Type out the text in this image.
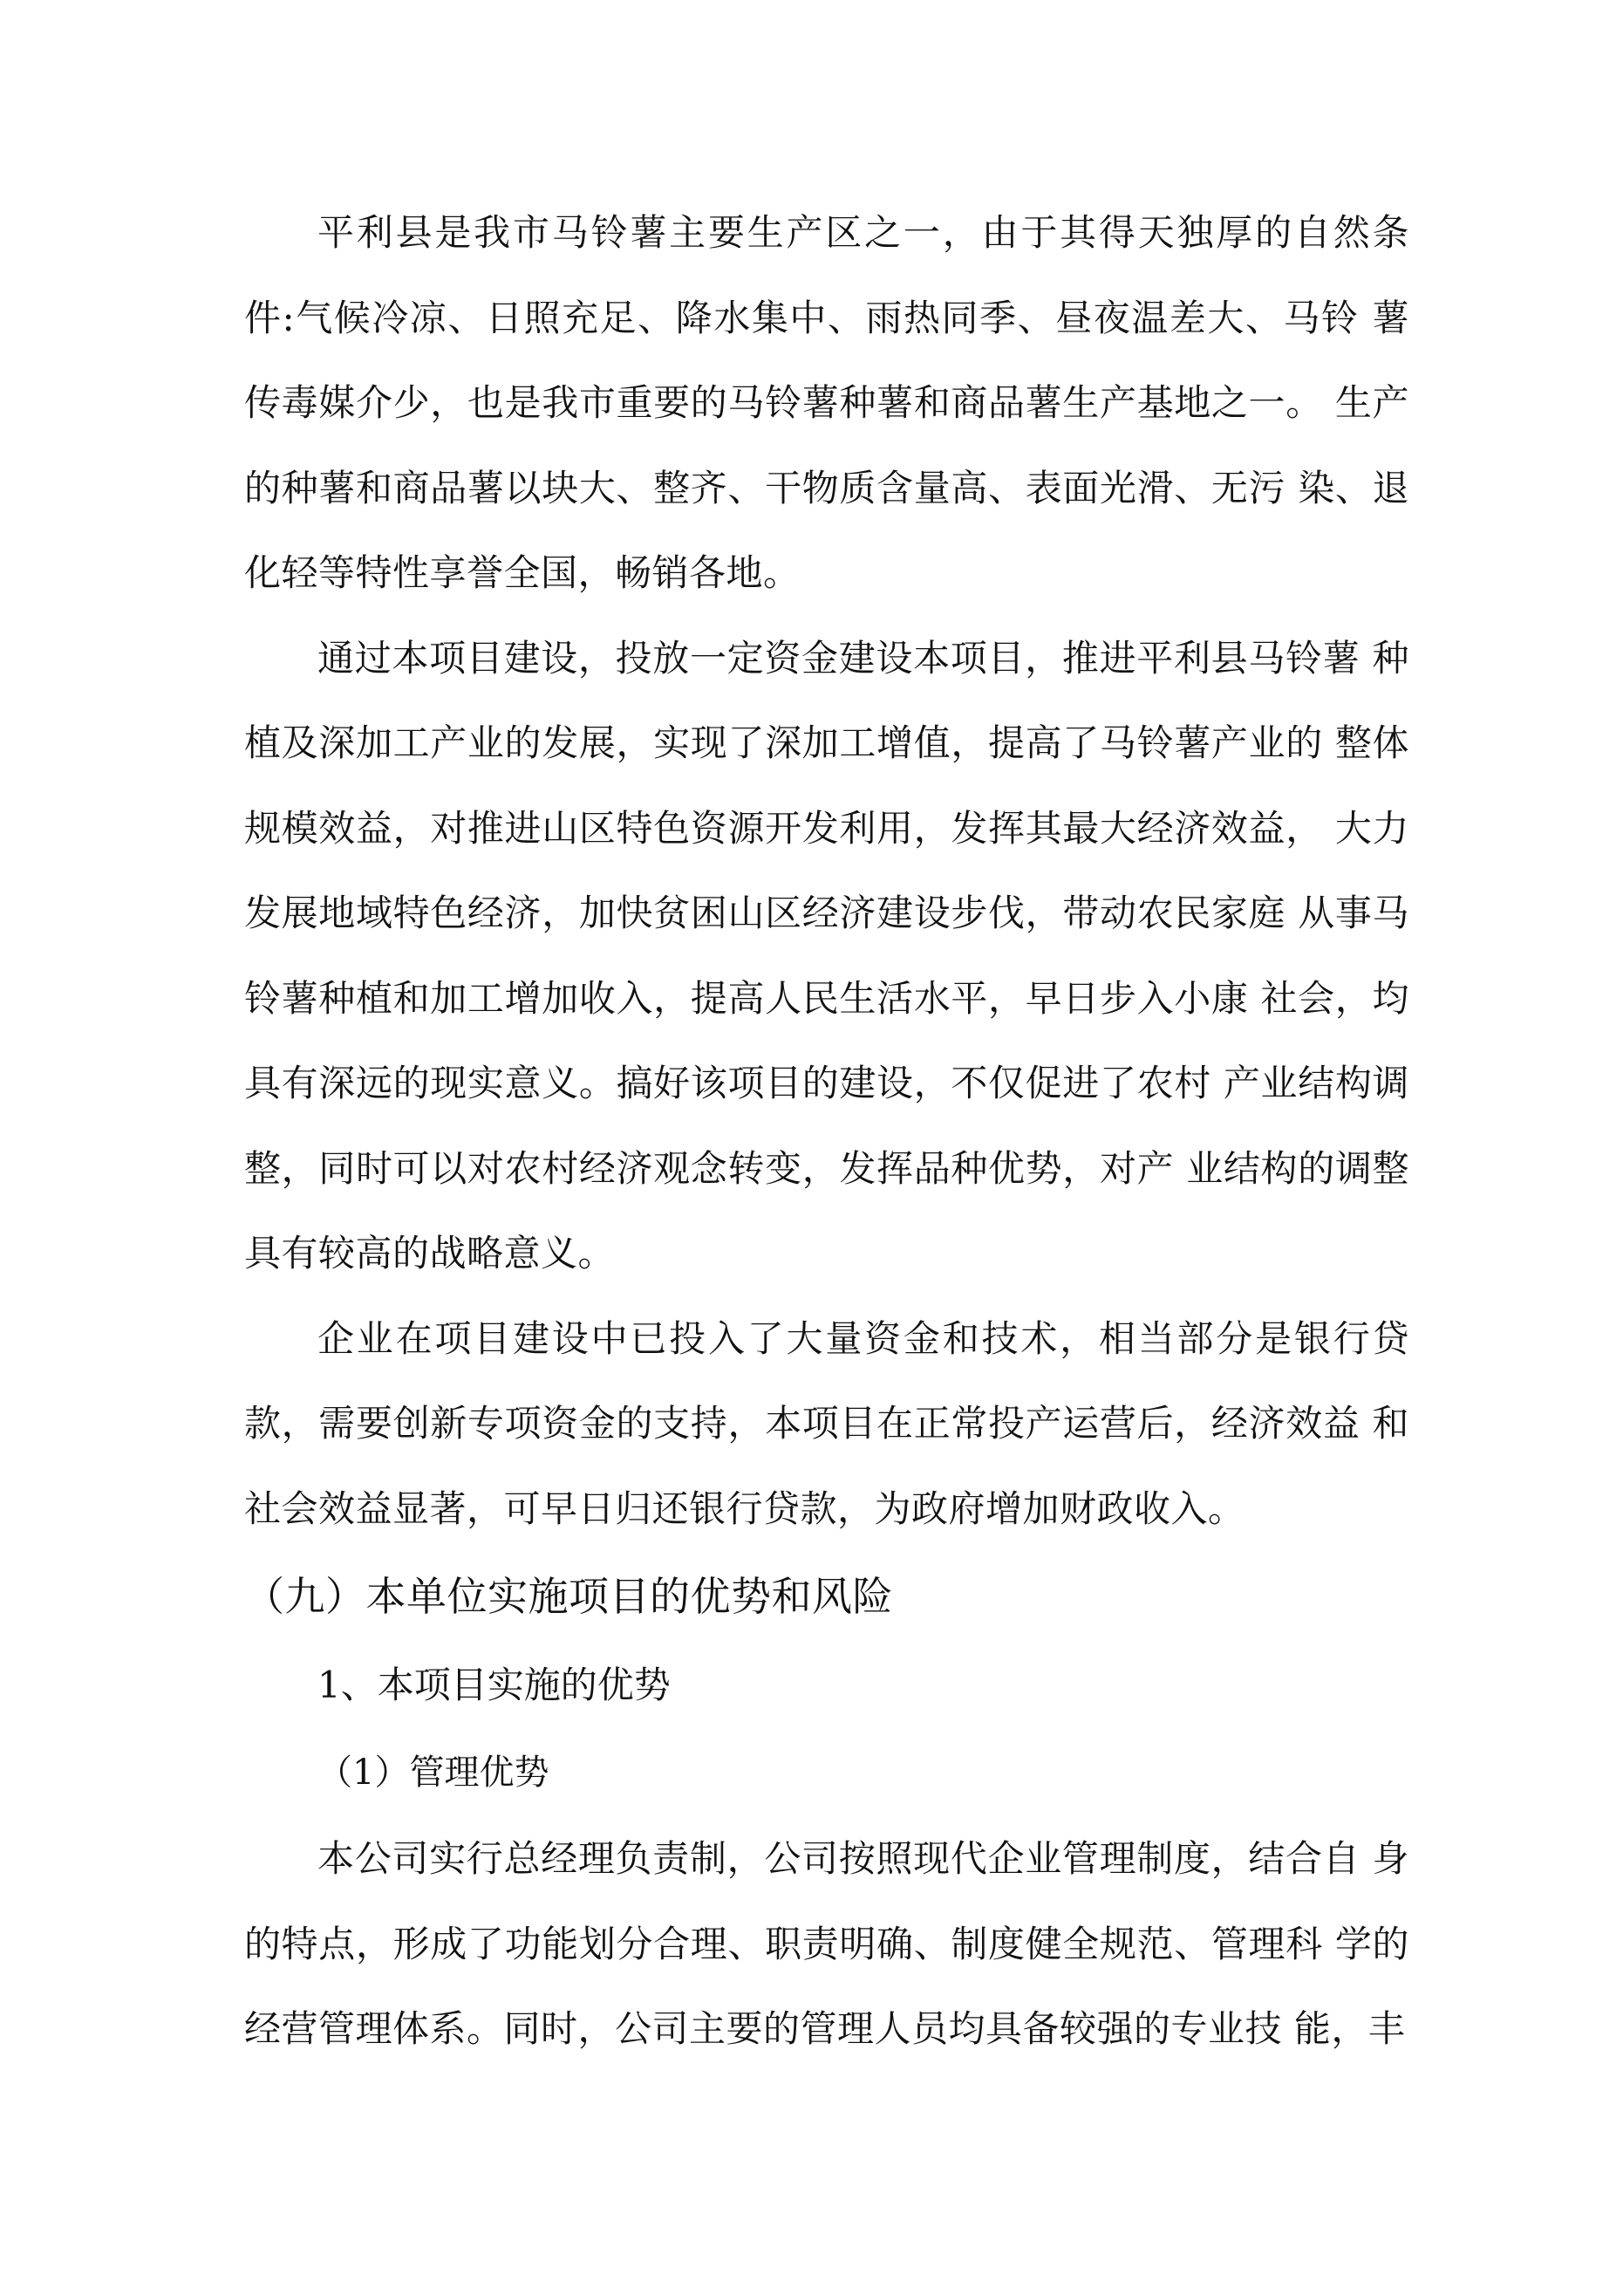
平利县是我市马铃薯主要生产区之一，由于其得天独厚的自然条 件:气候冷凉、日照充足、降水集中、雨热同季、昼夜温差大、马铃 薯传毒媒介少，也是我市重要的马铃薯种薯和商品薯生产基地之一。 生产的种薯和商品薯以块大、整齐、干物质含量高、表面光滑、无污 染、退化轻等特性享誉全国，畅销各地。

通过本项目建设，投放一定资金建设本项目，推进平利县马铃薯 种植及深加工产业的发展，实现了深加工增值，提高了马铃薯产业的 整体规模效益，对推进山区特色资源开发利用，发挥其最大经济效益， 大力发展地域特色经济，加快贫困山区经济建设步伐，带动农民家庭 从事马铃薯种植和加工增加收入，提高人民生活水平，早日步入小康 社会，均具有深远的现实意义。搞好该项目的建设，不仅促进了农村 产业结构调整，同时可以对农村经济观念转变，发挥品种优势，对产 业结构的调整具有较高的战略意义。

企业在项目建设中已投入了大量资金和技术，相当部分是银行贷 款，需要创新专项资金的支持，本项目在正常投产运营后，经济效益 和社会效益显著，可早日归还银行贷款，为政府增加财政收入。

（九）本单位实施项目的优势和风险

1、本项目实施的优势

（1）管理优势

本公司实行总经理负责制，公司按照现代企业管理制度，结合自 身的特点，形成了功能划分合理、职责明确、制度健全规范、管理科 学的经营管理体系。同时，公司主要的管理人员均具备较强的专业技 能，丰
